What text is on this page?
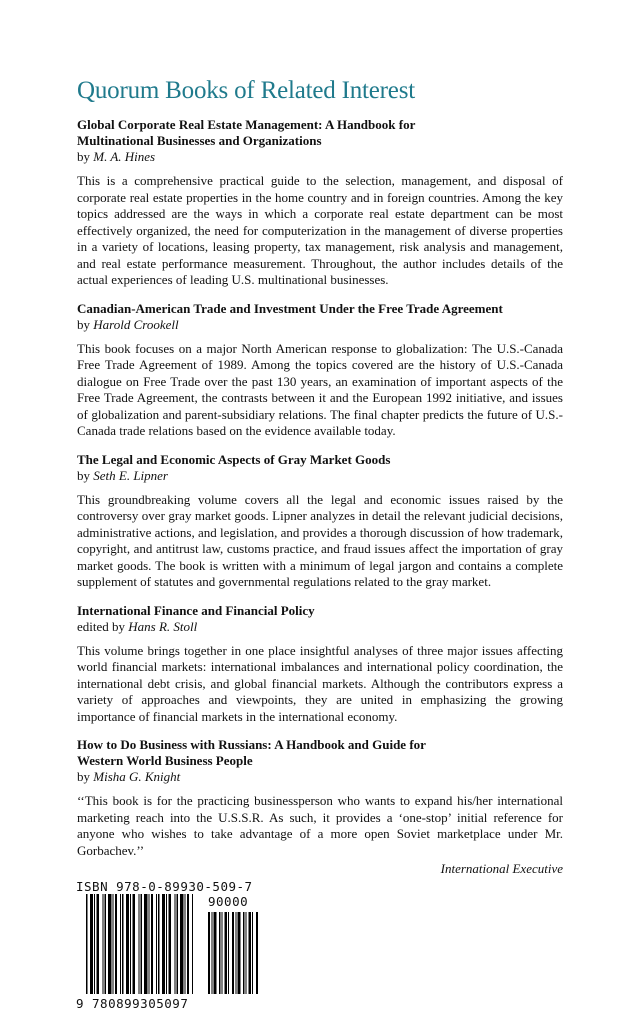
Quorum Books of Related Interest
Global Corporate Real Estate Management: A Handbook for
Multinational Businesses and Organizations
by M. A. Hines

This is a comprehensive practical guide to the selection, management, and disposal of corporate real estate properties in the home country and in foreign countries. Among the key topics addressed are the ways in which a corporate real estate department can be most effectively organized, the need for computerization in the management of diverse properties in a variety of locations, leasing property, tax management, risk analysis and management, and real estate performance measurement. Throughout, the author includes details of the actual experiences of leading U.S. multinational businesses.

Canadian-American Trade and Investment Under the Free Trade Agreement
by Harold Crookell

This book focuses on a major North American response to globalization: The U.S.-Canada Free Trade Agreement of 1989. Among the topics covered are the history of U.S.-Canada dialogue on Free Trade over the past 130 years, an examination of important aspects of the Free Trade Agreement, the contrasts between it and the European 1992 initiative, and issues of globalization and parent-subsidiary relations. The final chapter predicts the future of U.S.-Canada trade relations based on the evidence available today.

The Legal and Economic Aspects of Gray Market Goods
by Seth E. Lipner

This groundbreaking volume covers all the legal and economic issues raised by the controversy over gray market goods. Lipner analyzes in detail the relevant judicial decisions, administrative actions, and legislation, and provides a thorough discussion of how trademark, copyright, and antitrust law, customs practice, and fraud issues affect the importation of gray market goods. The book is written with a minimum of legal jargon and contains a complete supplement of statutes and governmental regulations related to the gray market.

International Finance and Financial Policy
edited by Hans R. Stoll

This volume brings together in one place insightful analyses of three major issues affecting world financial markets: international imbalances and international policy coordination, the international debt crisis, and global financial markets. Although the contributors express a variety of approaches and viewpoints, they are united in emphasizing the growing importance of financial markets in the international economy.

How to Do Business with Russians: A Handbook and Guide for
Western World Business People
by Misha G. Knight

‘‘This book is for the practicing businessperson who wants to expand his/her international marketing reach into the U.S.S.R. As such, it provides a ‘one-stop’ initial reference for anyone who wishes to take advantage of a more open Soviet marketplace under Mr. Gorbachev.’’

International Executive
ISBN 978-0-89930-509-7
90000
9 780899305097
